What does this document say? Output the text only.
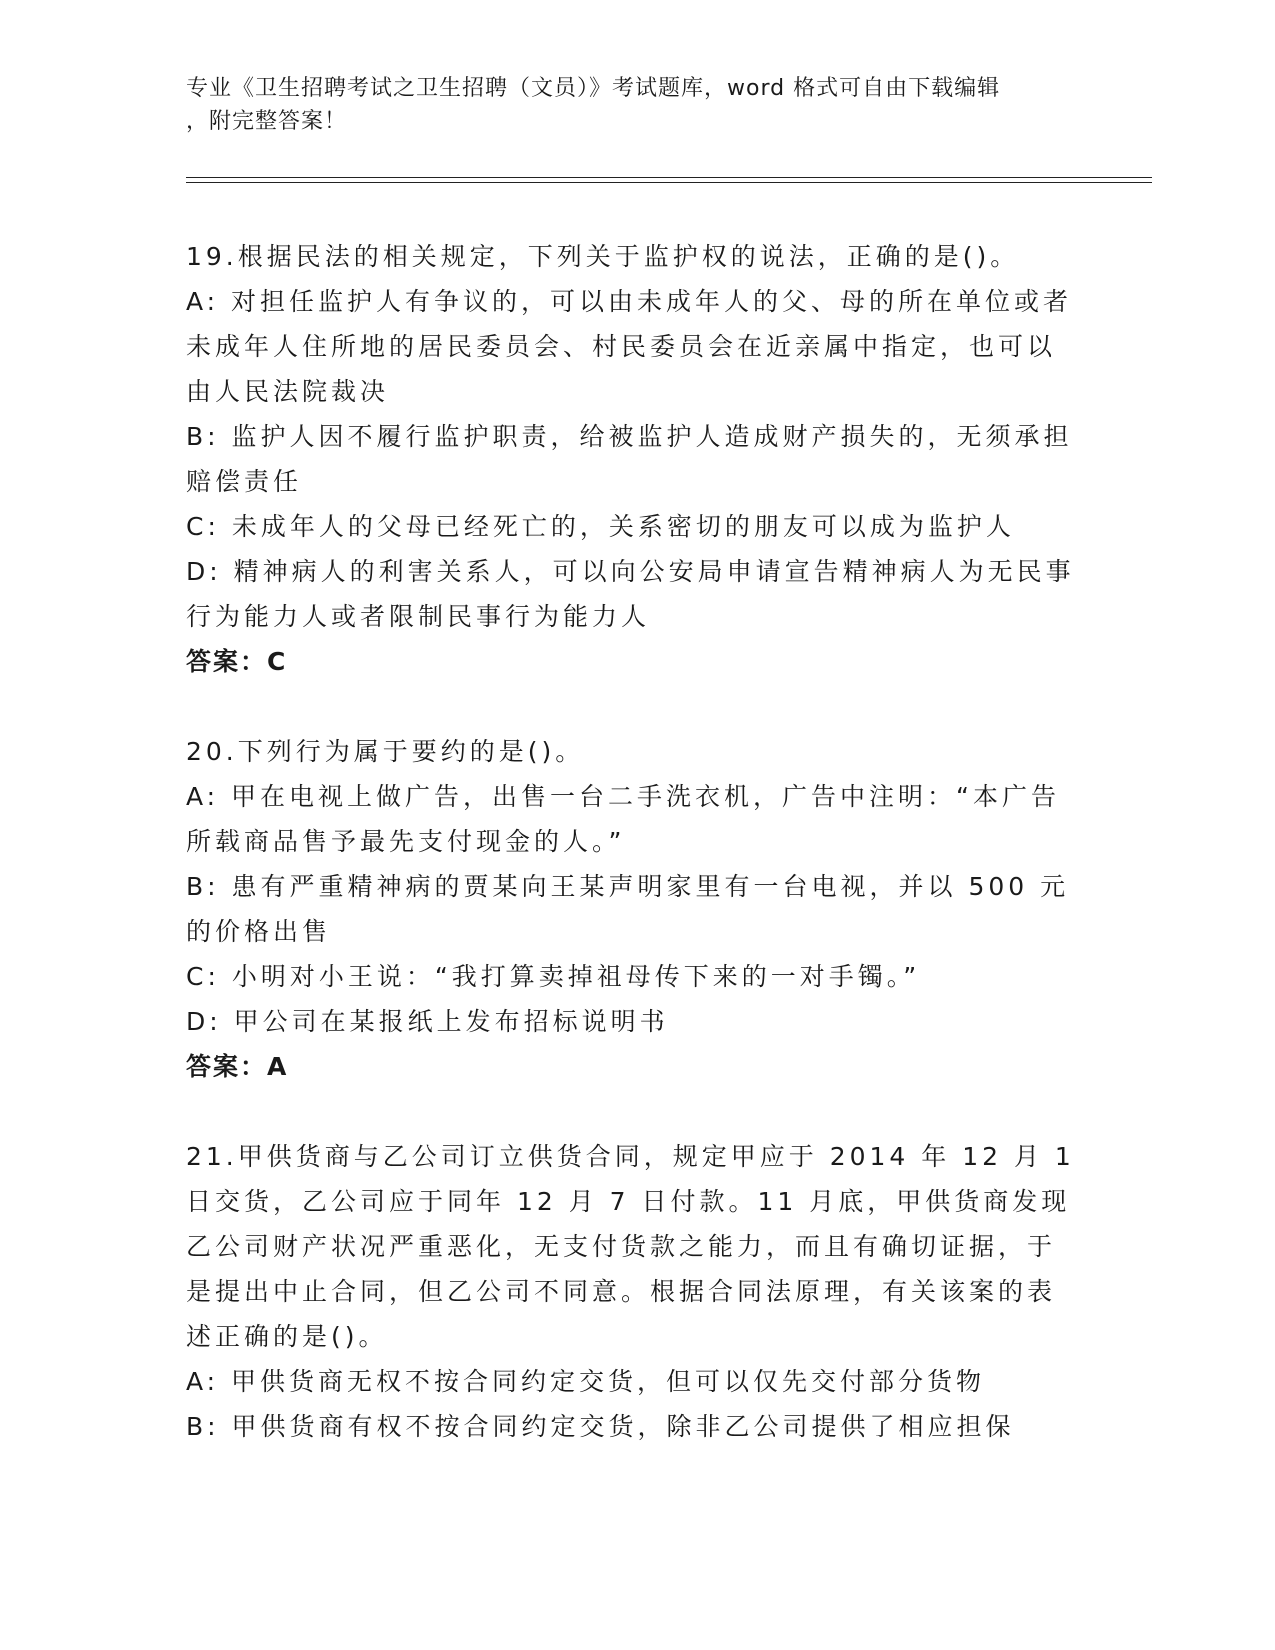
专业《卫生招聘考试之卫生招聘（文员）》考试题库，word 格式可自由下载编辑
，附完整答案！

19.根据民法的相关规定，下列关于监护权的说法，正确的是()。

A: 对担任监护人有争议的，可以由未成年人的父、母的所在单位或者未成年人住所地的居民委员会、村民委员会在近亲属中指定，也可以由人民法院裁决

B: 监护人因不履行监护职责，给被监护人造成财产损失的，无须承担赔偿责任

C: 未成年人的父母已经死亡的，关系密切的朋友可以成为监护人

D: 精神病人的利害关系人，可以向公安局申请宣告精神病人为无民事行为能力人或者限制民事行为能力人

答案：C

20.下列行为属于要约的是()。

A: 甲在电视上做广告，出售一台二手洗衣机，广告中注明：“本广告所载商品售予最先支付现金的人。”

B: 患有严重精神病的贾某向王某声明家里有一台电视，并以 500 元的价格出售

C: 小明对小王说：“我打算卖掉祖母传下来的一对手镯。”

D: 甲公司在某报纸上发布招标说明书

答案：A

21.甲供货商与乙公司订立供货合同，规定甲应于 2014 年 12 月 1 日交货，乙公司应于同年 12 月 7 日付款。11 月底，甲供货商发现乙公司财产状况严重恶化，无支付货款之能力，而且有确切证据，于是提出中止合同，但乙公司不同意。根据合同法原理，有关该案的表述正确的是()。

A: 甲供货商无权不按合同约定交货，但可以仅先交付部分货物

B: 甲供货商有权不按合同约定交货，除非乙公司提供了相应担保
